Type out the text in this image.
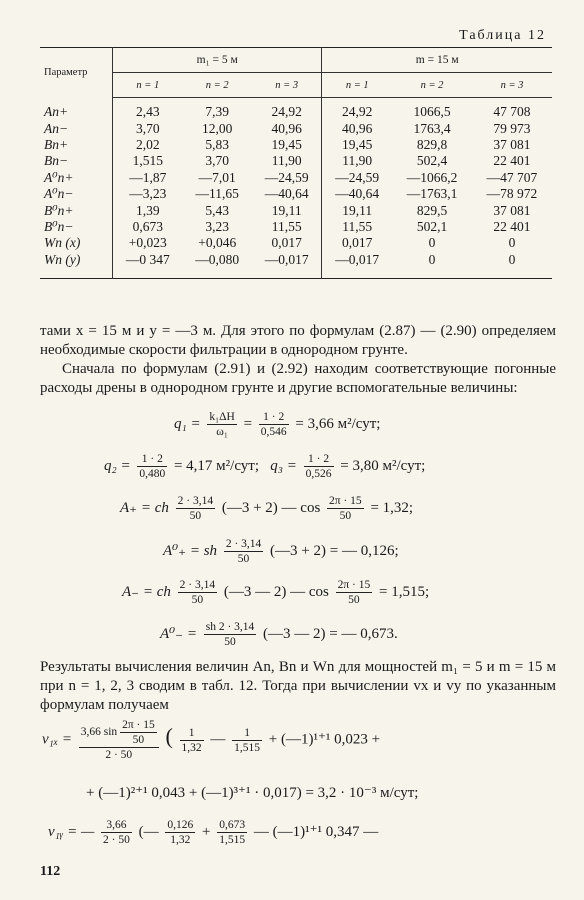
Таблица 12
Параметр	m₁ = 5 м			m = 15 м		
	n = 1	n = 2	n = 3	n = 1	n = 2	n = 3
An+	2,43	7,39	24,92	24,92	1066,5	47 708
An−	3,70	12,00	40,96	40,96	1763,4	79 973
Bn+	2,02	5,83	19,45	19,45	829,8	37 081
Bn−	1,515	3,70	11,90	11,90	502,4	22 401
A⁰n+	—1,87	—7,01	—24,59	—24,59	—1066,2	—47 707
A⁰n−	—3,23	—11,65	—40,64	—40,64	—1763,1	—78 972
B⁰n+	1,39	5,43	19,11	19,11	829,5	37 081
B⁰n−	0,673	3,23	11,55	11,55	502,1	22 401
Wn (x)	+0,023	+0,046	0,017	0,017	0	0
Wn (y)	—0 347	—0,080	—0,017	—0,017	0	0
тами x = 15 м и y = —3 м. Для этого по формулам (2.87) — (2.90) определяем необходимые скорости фильтрации в однородном грунте.
Сначала по формулам (2.91) и (2.92) находим соответствующие погонные расходы дрены в однородном грунте и другие вспомогательные величины:
$q_1 = \frac{\text{k₁ΔH}}{\text{ω₁}} = \frac{1 \cdot 2}{0,546} = 3,66$ м²/сут;
$q_2 = \frac{1 \cdot 2}{0,480} = 4,17$ м²/сут; $q_3 = \frac{1 \cdot 2}{0,526} = 3,80$ м²/сут;
A₊ = ch $\frac{2 \cdot 3,14}{50}$ (—3 + 2) — $\cos \frac{2\pi \cdot 15}{50} = 1,32$;
A⁰₊ = sh $\frac{2 \cdot 3,14}{50}$ (—3 + 2) = — 0,126;
A₋ = ch $\frac{2 \cdot 3,14}{50}$ (—3 — 2) — $\cos \frac{2\pi \cdot 15}{50} = 1,515$;
$A^0_- = \frac{sh 2 \cdot 3,14}{50}$ (—3 — 2) = — 0,673.
Результаты вычисления величин An, Bn и Wn для мощностей m₁ = 5 и m = 15 м при n = 1, 2, 3 сводим в табл. 12. Тогда при вычислении vx и vy по указанным формулам получаем
$v_{1x} = \frac{3,66 \sin \frac{2\pi \cdot 15}{50}}{2 \cdot 50}$ ( $\frac{1}{1,32}$ — $\frac{1}{1,515}$ + (—1)¹⁺¹ 0,023 +
+ (—1)²⁺¹ 0,043 + (—1)³⁺¹ · 0,017) = 3,2 · 10⁻³ м/сут;
v₁ᵧ = — $\frac{3,66}{2 \cdot 50}$ (— $\frac{0,126}{1,32} + \frac{0,673}{1,515}$ — (—1)¹⁺¹ 0,347 —
112
